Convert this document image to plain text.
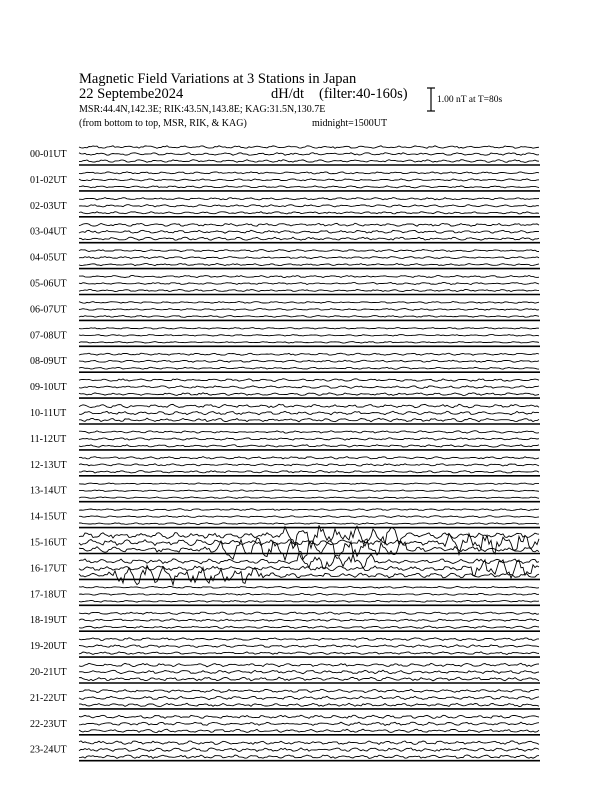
Magnetic Field Variations at 3 Stations in Japan
22 Septembe2024	dH/dt (filter:40-160s)
MSR:44.4N,142.3E; RIK:43.5N,143.8E; KAG:31.5N,130.7E
(from bottom to top, MSR, RIK, & KAG)	midnight=1500UT
1.00 nT at T=80s
00-01UT
01-02UT
02-03UT
03-04UT
04-05UT
05-06UT
06-07UT
07-08UT
08-09UT
09-10UT
10-11UT
11-12UT
12-13UT
13-14UT
14-15UT
15-16UT
16-17UT
17-18UT
18-19UT
19-20UT
20-21UT
21-22UT
22-23UT
23-24UT
